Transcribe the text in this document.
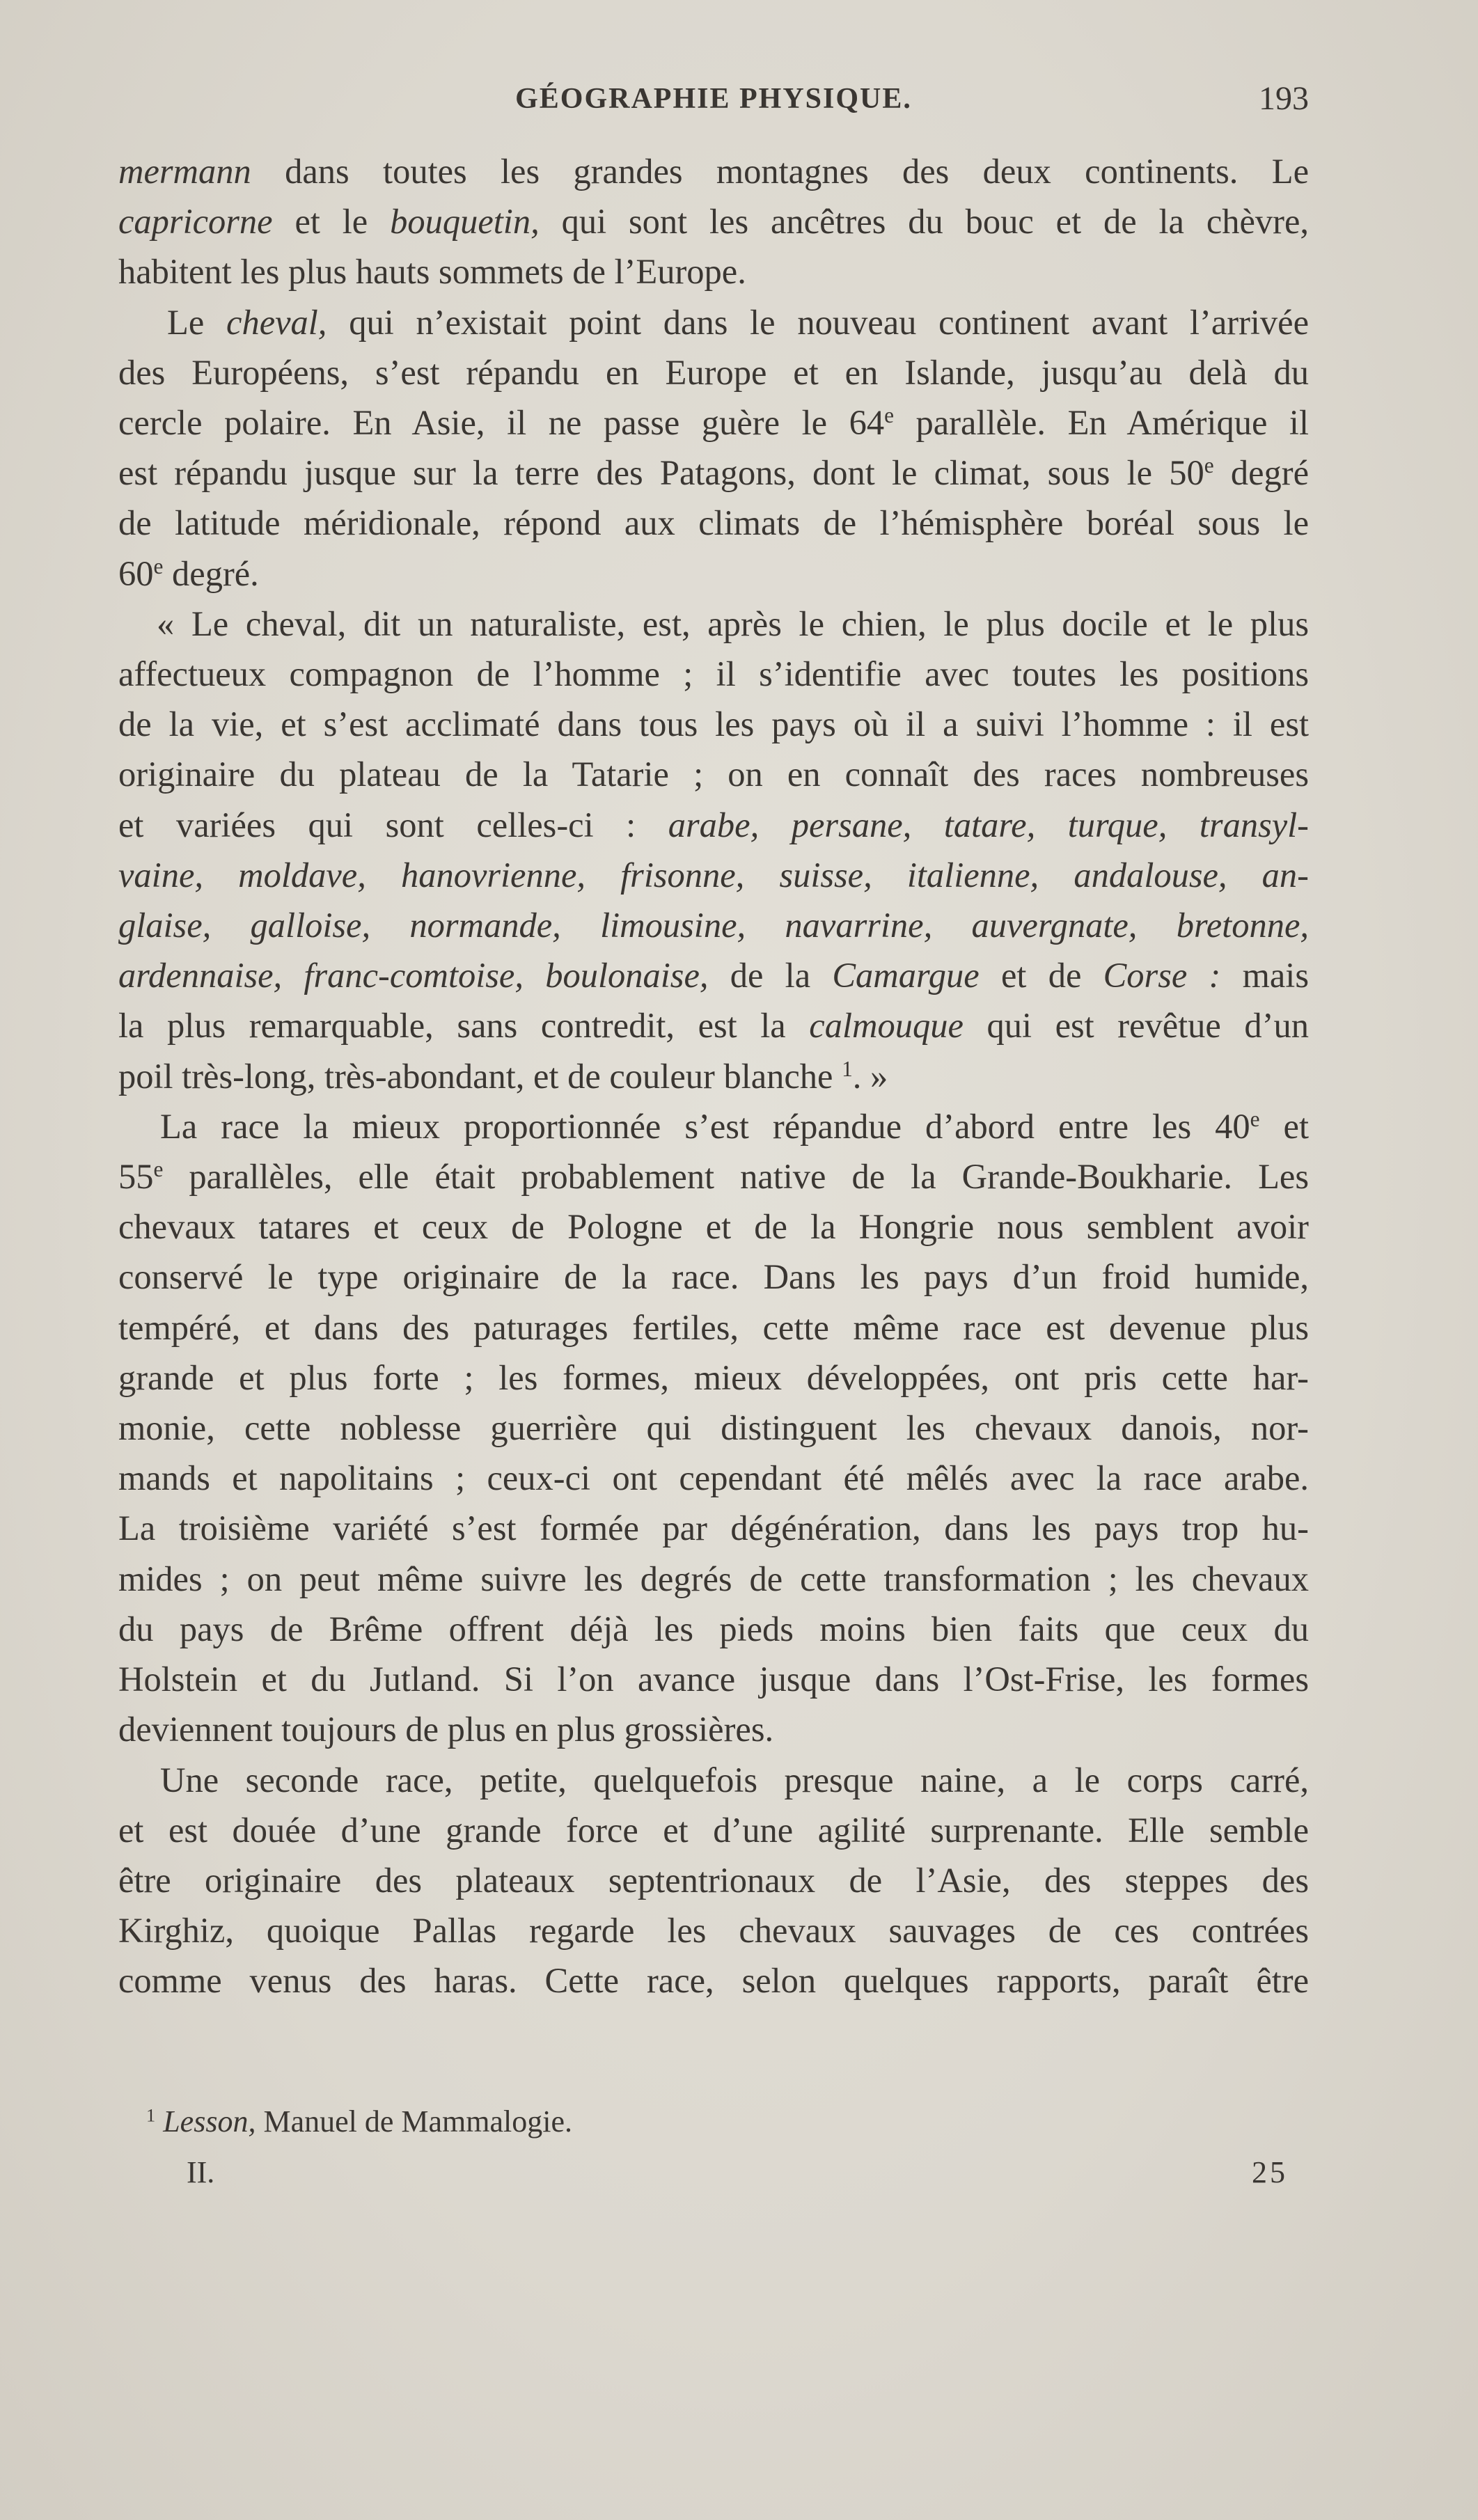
GÉOGRAPHIE PHYSIQUE.	193
mermann dans toutes les grandes montagnes des deux continents. Le
capricorne et le bouquetin, qui sont les ancêtres du bouc et de la chèvre,
habitent les plus hauts sommets de l’Europe.
Le cheval, qui n’existait point dans le nouveau continent avant l’arrivée
des Européens, s’est répandu en Europe et en Islande, jusqu’au delà du
cercle polaire. En Asie, il ne passe guère le 64e parallèle. En Amérique il
est répandu jusque sur la terre des Patagons, dont le climat, sous le 50e degré
de latitude méridionale, répond aux climats de l’hémisphère boréal sous le
60e degré.
« Le cheval, dit un naturaliste, est, après le chien, le plus docile et le plus
affectueux compagnon de l’homme ; il s’identifie avec toutes les positions
de la vie, et s’est acclimaté dans tous les pays où il a suivi l’homme : il est
originaire du plateau de la Tatarie ; on en connaît des races nombreuses
et variées qui sont celles-ci : arabe, persane, tatare, turque, transyl-
vaine, moldave, hanovrienne, frisonne, suisse, italienne, andalouse, an-
glaise, galloise, normande, limousine, navarrine, auvergnate, bretonne,
ardennaise, franc-comtoise, boulonaise, de la Camargue et de Corse : mais
la plus remarquable, sans contredit, est la calmouque qui est revêtue d’un
poil très-long, très-abondant, et de couleur blanche $^1$. »
La race la mieux proportionnée s’est répandue d’abord entre les 40e et
55e parallèles, elle était probablement native de la Grande-Boukharie. Les
chevaux tatares et ceux de Pologne et de la Hongrie nous semblent avoir
conservé le type originaire de la race. Dans les pays d’un froid humide,
tempéré, et dans des paturages fertiles, cette même race est devenue plus
grande et plus forte ; les formes, mieux développées, ont pris cette har-
monie, cette noblesse guerrière qui distinguent les chevaux danois, nor-
mands et napolitains ; ceux-ci ont cependant été mêlés avec la race arabe.
La troisième variété s’est formée par dégénération, dans les pays trop hu-
mides ; on peut même suivre les degrés de cette transformation ; les chevaux
du pays de Brême offrent déjà les pieds moins bien faits que ceux du
Holstein et du Jutland. Si l’on avance jusque dans l’Ost-Frise, les formes
deviennent toujours de plus en plus grossières.
Une seconde race, petite, quelquefois presque naine, a le corps carré,
et est douée d’une grande force et d’une agilité surprenante. Elle semble
être originaire des plateaux septentrionaux de l’Asie, des steppes des
Kirghiz, quoique Pallas regarde les chevaux sauvages de ces contrées
comme venus des haras. Cette race, selon quelques rapports, paraît être
$^1$ Lesson, Manuel de Mammalogie.
II.	25
